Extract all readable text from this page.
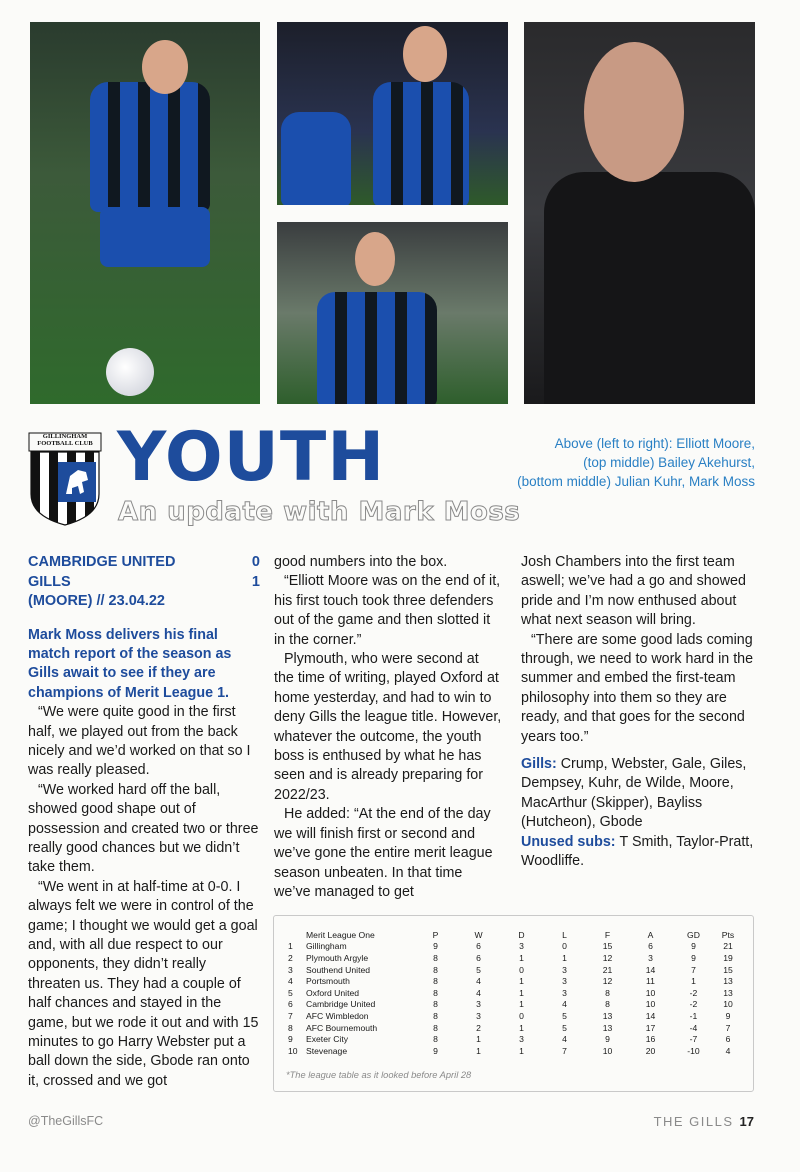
GILLINGHAM FOOTBALL CLUB YOUTH
An update with Mark Moss
Above (left to right): Elliott Moore,
(top middle) Bailey Akehurst,
(bottom middle) Julian Kuhr, Mark Moss
CAMBRIDGE UNITED	0
GILLS	1
(MOORE) // 23.04.22

Mark Moss delivers his final match report of the season as Gills await to see if they are champions of Merit League 1.

“We were quite good in the first half, we played out from the back nicely and we’d worked on that so I was really pleased.

“We worked hard off the ball, showed good shape out of possession and created two or three really good chances but we didn’t take them.

“We went in at half-time at 0-0. I always felt we were in control of the game; I thought we would get a goal and, with all due respect to our opponents, they didn’t really threaten us. They had a couple of half chances and stayed in the game, but we rode it out and with 15 minutes to go Harry Webster put a ball down the side, Gbode ran onto it, crossed and we got

good numbers into the box.

“Elliott Moore was on the end of it, his first touch took three defenders out of the game and then slotted it in the corner.”

Plymouth, who were second at the time of writing, played Oxford at home yesterday, and had to win to deny Gills the league title. However, whatever the outcome, the youth boss is enthused by what he has seen and is already preparing for 2022/23.

He added: “At the end of the day we will finish first or second and we’ve gone the entire merit league season unbeaten. In that time we’ve managed to get

Josh Chambers into the first team aswell; we’ve had a go and showed pride and I’m now enthused about what next season will bring.

“There are some good lads coming through, we need to work hard in the summer and embed the first-team philosophy into them so they are ready, and that goes for the second years too.”

Gills: Crump, Webster, Gale, Giles, Dempsey, Kuhr, de Wilde, Moore, MacArthur (Skipper), Bayliss (Hutcheon), Gbode
Unused subs: T Smith, Taylor-Pratt, Woodliffe.

	Merit League One	P	W	D	L	F	A	GD	Pts
1	Gillingham	9	6	3	0	15	6	9	21
2	Plymouth Argyle	8	6	1	1	12	3	9	19
3	Southend United	8	5	0	3	21	14	7	15
4	Portsmouth	8	4	1	3	12	11	1	13
5	Oxford United	8	4	1	3	8	10	-2	13
6	Cambridge United	8	3	1	4	8	10	-2	10
7	AFC Wimbledon	8	3	0	5	13	14	-1	9
8	AFC Bournemouth	8	2	1	5	13	17	-4	7
9	Exeter City	8	1	3	4	9	16	-7	6
10	Stevenage	9	1	1	7	10	20	-10	4
*The league table as it looked before April 28
@TheGillsFC	THE GILLS 17
